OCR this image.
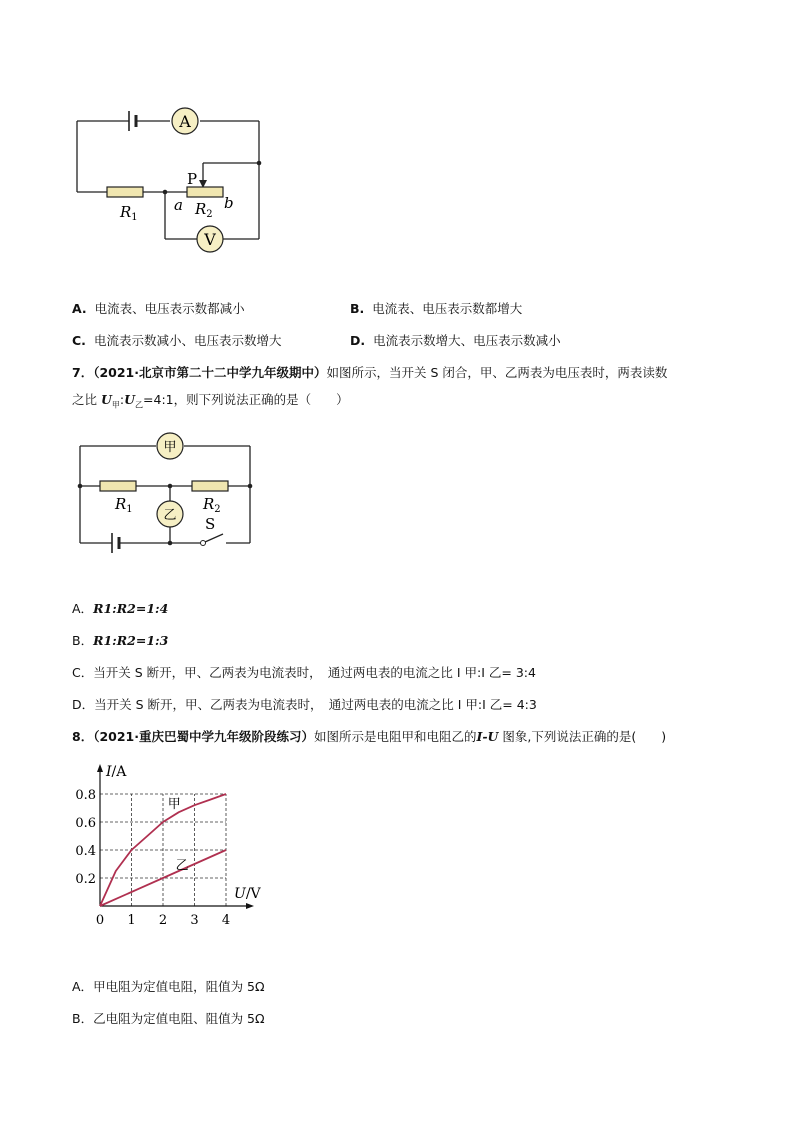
A
V
P
$R_1$	$R_2$
a	b
A. 电流表、电压表示数都减小	B. 电流表、电压表示数都增大
C. 电流表示数减小、电压表示数增大	D. 电流表示数增大、电压表示数减小
7．（2021·北京市第二十二中学九年级期中）如图所示，当开关 S 闭合，甲、乙两表为电压表时，两表读数
之比 $U_甲:U_乙=4:1$，则下列说法正确的是（　　）
甲
乙
$R_1$	$R_2$
S
A．R1:R2=1:4
B．R1:R2=1:3
C．当开关 S 断开，甲、乙两表为电流表时，　通过两电表的电流之比 I 甲:I 乙= 3:4
D．当开关 S 断开，甲、乙两表为电流表时，　通过两电表的电流之比 I 甲:I 乙= 4:3
8．（2021·重庆巴蜀中学九年级阶段练习）如图所示是电阻甲和电阻乙的I-U 图象,下列说法正确的是(　　)
0 1 2 3 4
0.2
0.4
0.6
0.8
I/A
U/V
甲
乙
A．甲电阻为定值电阻，阻值为 5Ω
B．乙电阻为定值电阻、阻值为 5Ω
